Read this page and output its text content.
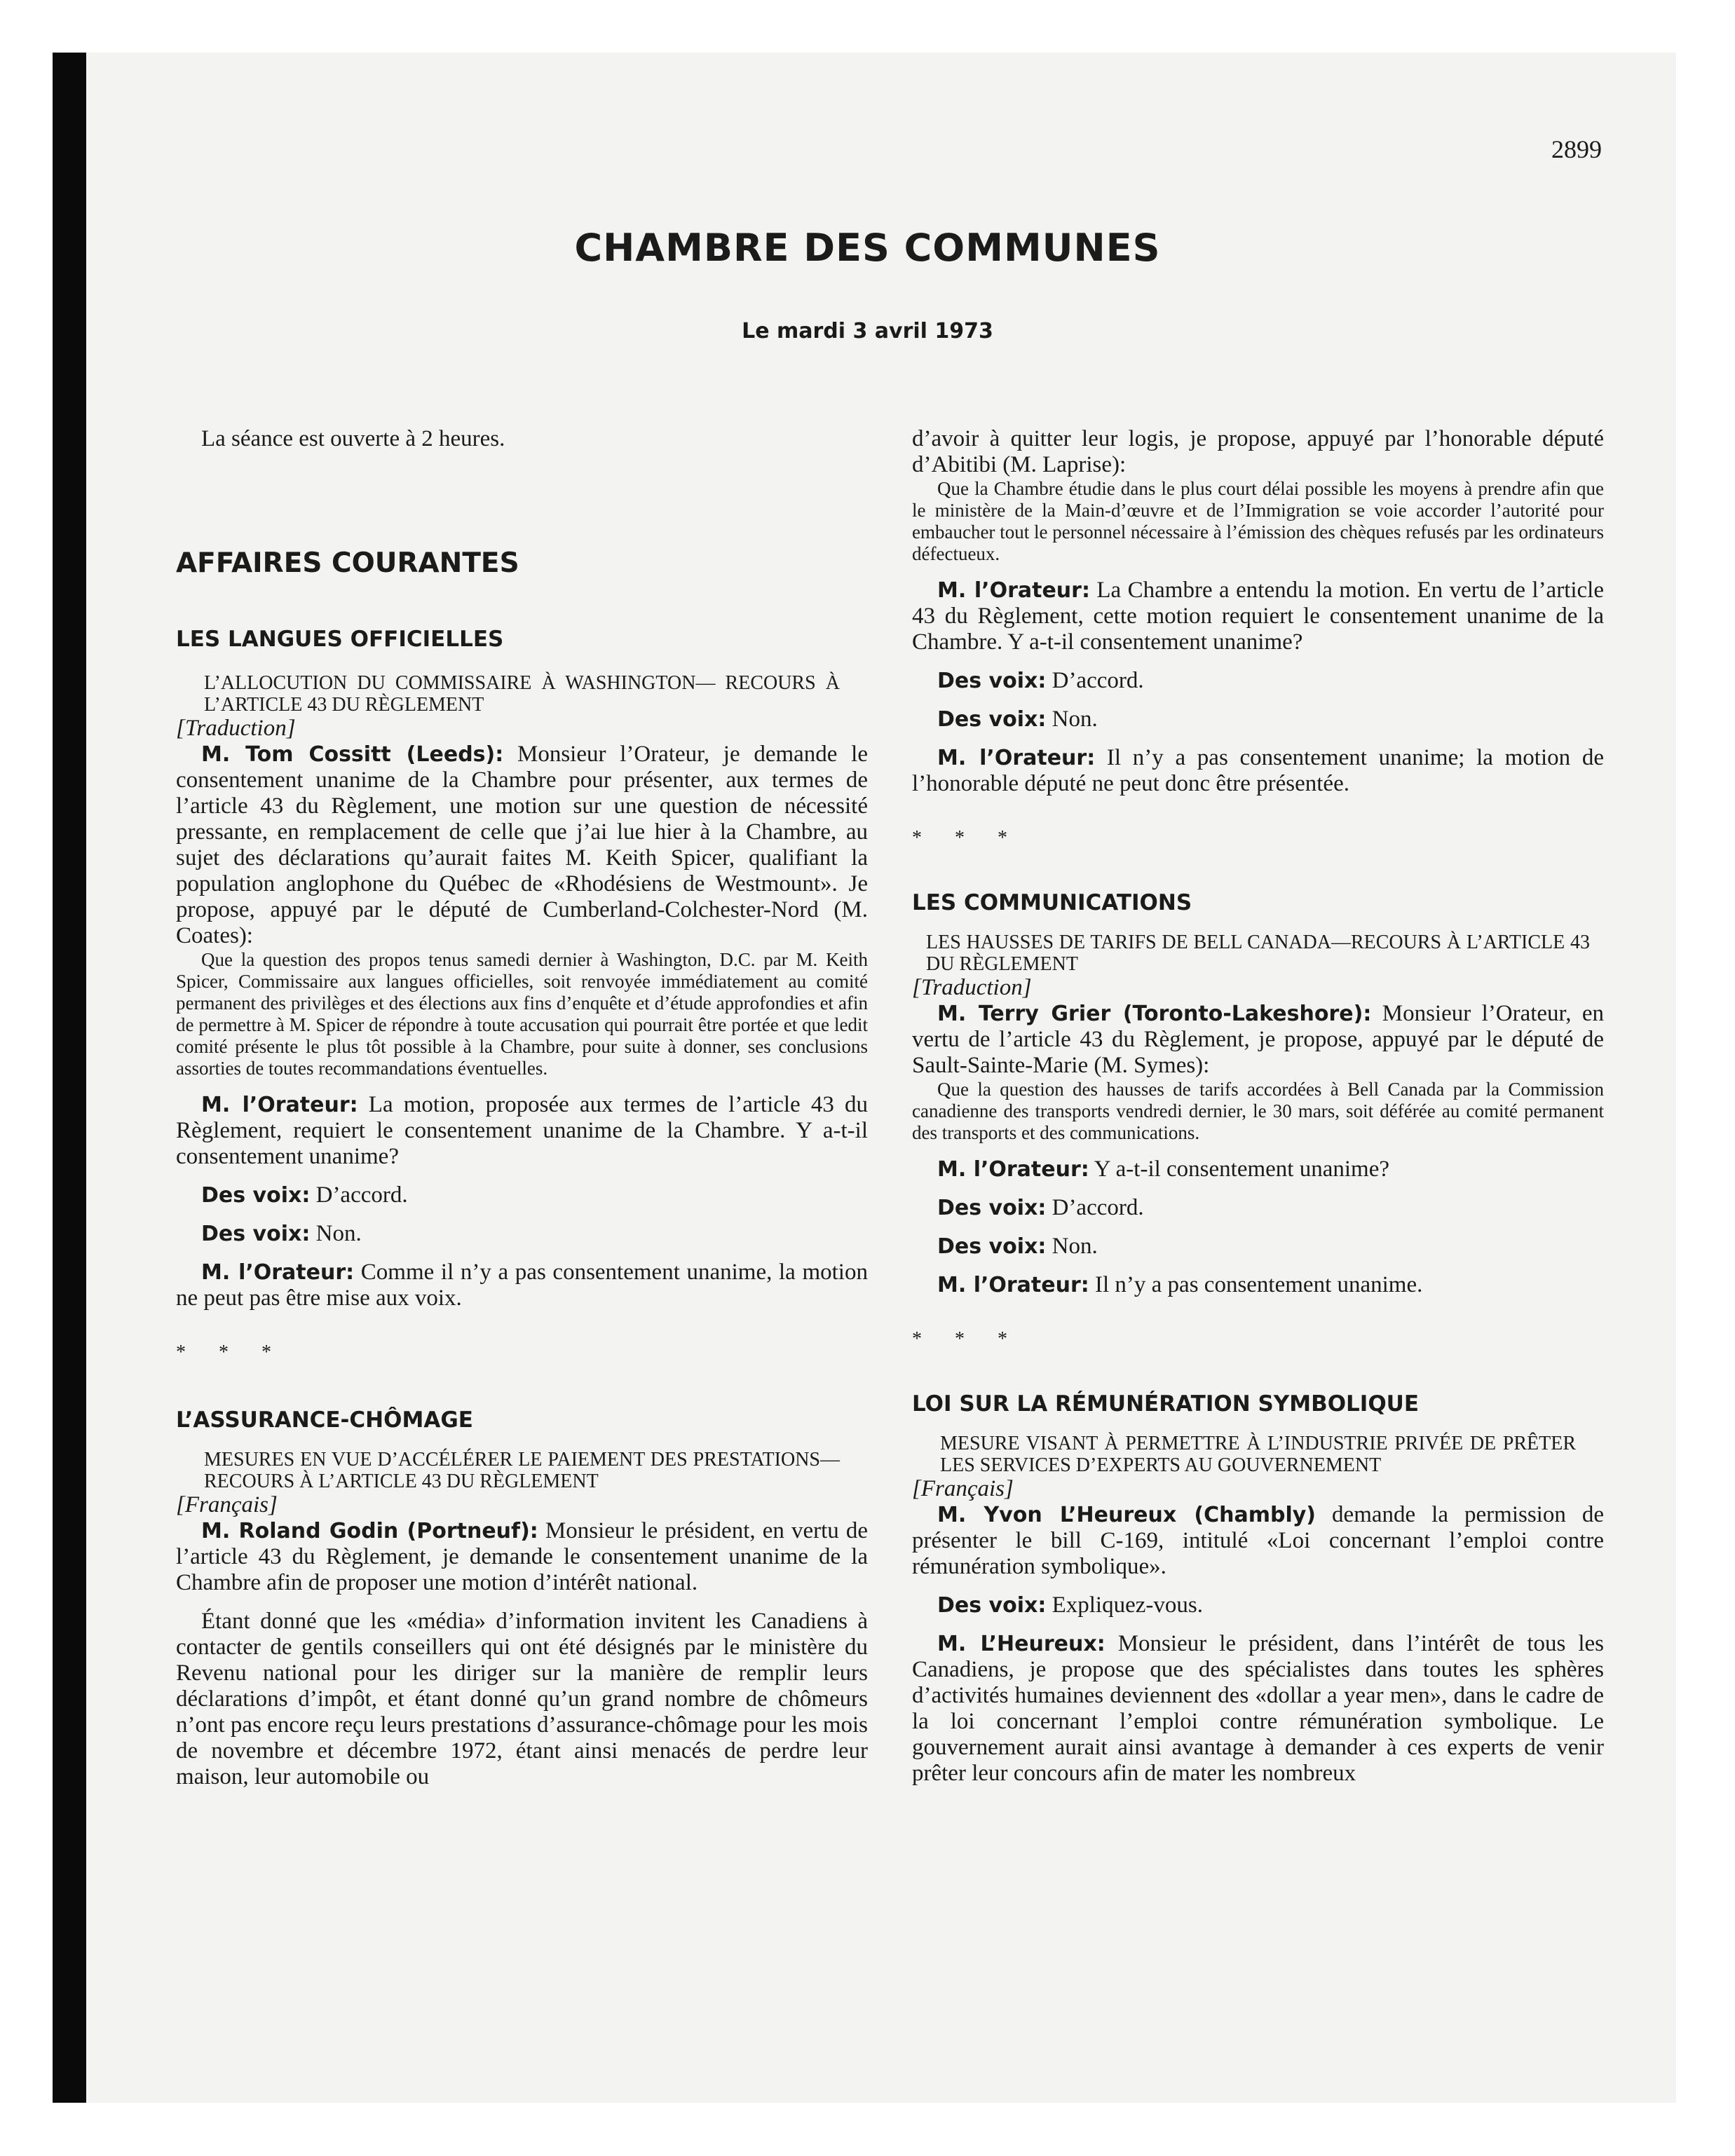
2899
CHAMBRE DES COMMUNES
Le mardi 3 avril 1973

La séance est ouverte à 2 heures.

AFFAIRES COURANTES

LES LANGUES OFFICIELLES

L’ALLOCUTION DU COMMISSAIRE À WASHINGTON— RECOURS À L’ARTICLE 43 DU RÈGLEMENT

[Traduction]

M. Tom Cossitt (Leeds): Monsieur l’Orateur, je demande le consentement unanime de la Chambre pour présenter, aux termes de l’article 43 du Règlement, une motion sur une question de nécessité pressante, en remplacement de celle que j’ai lue hier à la Chambre, au sujet des déclarations qu’aurait faites M. Keith Spicer, qualifiant la population anglophone du Québec de «Rhodésiens de Westmount». Je propose, appuyé par le député de Cumberland-Colchester-Nord (M. Coates):

Que la question des propos tenus samedi dernier à Washington, D.C. par M. Keith Spicer, Commissaire aux langues officielles, soit renvoyée immédiatement au comité permanent des privilèges et des élections aux fins d’enquête et d’étude approfondies et afin de permettre à M. Spicer de répondre à toute accusation qui pourrait être portée et que ledit comité présente le plus tôt possible à la Chambre, pour suite à donner, ses conclusions assorties de toutes recommandations éventuelles.

M. l’Orateur: La motion, proposée aux termes de l’article 43 du Règlement, requiert le consentement unanime de la Chambre. Y a-t-il consentement unanime?

Des voix: D’accord.

Des voix: Non.

M. l’Orateur: Comme il n’y a pas consentement unanime, la motion ne peut pas être mise aux voix.

* * *

L’ASSURANCE-CHÔMAGE

MESURES EN VUE D’ACCÉLÉRER LE PAIEMENT DES PRESTATIONS—RECOURS À L’ARTICLE 43 DU RÈGLEMENT

[Français]

M. Roland Godin (Portneuf): Monsieur le président, en vertu de l’article 43 du Règlement, je demande le consentement unanime de la Chambre afin de proposer une motion d’intérêt national.

Étant donné que les «média» d’information invitent les Canadiens à contacter de gentils conseillers qui ont été désignés par le ministère du Revenu national pour les diriger sur la manière de remplir leurs déclarations d’impôt, et étant donné qu’un grand nombre de chômeurs n’ont pas encore reçu leurs prestations d’assurance-chômage pour les mois de novembre et décembre 1972, étant ainsi menacés de perdre leur maison, leur automobile ou

d’avoir à quitter leur logis, je propose, appuyé par l’honorable député d’Abitibi (M. Laprise):

Que la Chambre étudie dans le plus court délai possible les moyens à prendre afin que le ministère de la Main-d’œuvre et de l’Immigration se voie accorder l’autorité pour embaucher tout le personnel nécessaire à l’émission des chèques refusés par les ordinateurs défectueux.

M. l’Orateur: La Chambre a entendu la motion. En vertu de l’article 43 du Règlement, cette motion requiert le consentement unanime de la Chambre. Y a-t-il consentement unanime?

Des voix: D’accord.

Des voix: Non.

M. l’Orateur: Il n’y a pas consentement unanime; la motion de l’honorable député ne peut donc être présentée.

* * *

LES COMMUNICATIONS

LES HAUSSES DE TARIFS DE BELL CANADA—RECOURS À L’ARTICLE 43 DU RÈGLEMENT

[Traduction]

M. Terry Grier (Toronto-Lakeshore): Monsieur l’Orateur, en vertu de l’article 43 du Règlement, je propose, appuyé par le député de Sault-Sainte-Marie (M. Symes):

Que la question des hausses de tarifs accordées à Bell Canada par la Commission canadienne des transports vendredi dernier, le 30 mars, soit déférée au comité permanent des transports et des communications.

M. l’Orateur: Y a-t-il consentement unanime?

Des voix: D’accord.

Des voix: Non.

M. l’Orateur: Il n’y a pas consentement unanime.

* * *

LOI SUR LA RÉMUNÉRATION SYMBOLIQUE

MESURE VISANT À PERMETTRE À L’INDUSTRIE PRIVÉE DE PRÊTER LES SERVICES D’EXPERTS AU GOUVERNEMENT

[Français]

M. Yvon L’Heureux (Chambly) demande la permission de présenter le bill C-169, intitulé «Loi concernant l’emploi contre rémunération symbolique».

Des voix: Expliquez-vous.

M. L’Heureux: Monsieur le président, dans l’intérêt de tous les Canadiens, je propose que des spécialistes dans toutes les sphères d’activités humaines deviennent des «dollar a year men», dans le cadre de la loi concernant l’emploi contre rémunération symbolique. Le gouvernement aurait ainsi avantage à demander à ces experts de venir prêter leur concours afin de mater les nombreux
